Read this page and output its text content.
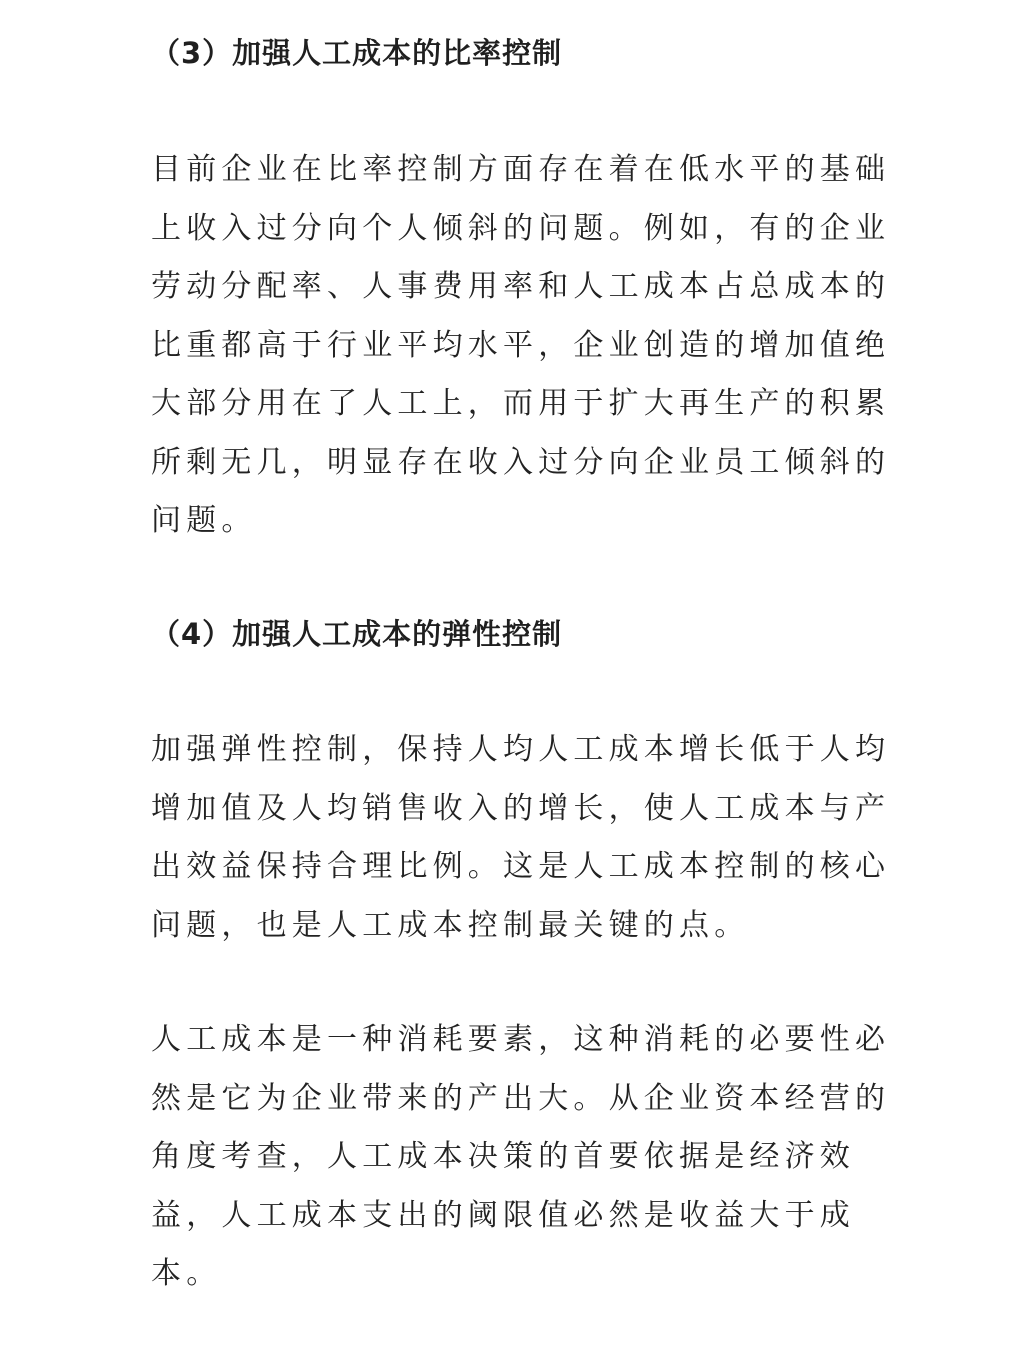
（3）加强人工成本的比率控制
目前企业在比率控制方面存在着在低水平的基础
上收入过分向个人倾斜的问题。例如，有的企业
劳动分配率、人事费用率和人工成本占总成本的
比重都高于行业平均水平，企业创造的增加值绝
大部分用在了人工上，而用于扩大再生产的积累
所剩无几，明显存在收入过分向企业员工倾斜的
问题。
（4）加强人工成本的弹性控制
加强弹性控制，保持人均人工成本增长低于人均
增加值及人均销售收入的增长，使人工成本与产
出效益保持合理比例。这是人工成本控制的核心
问题，也是人工成本控制最关键的点。
人工成本是一种消耗要素，这种消耗的必要性必
然是它为企业带来的产出大。从企业资本经营的
角度考查，人工成本决策的首要依据是经济效
益，人工成本支出的阈限值必然是收益大于成
本。
